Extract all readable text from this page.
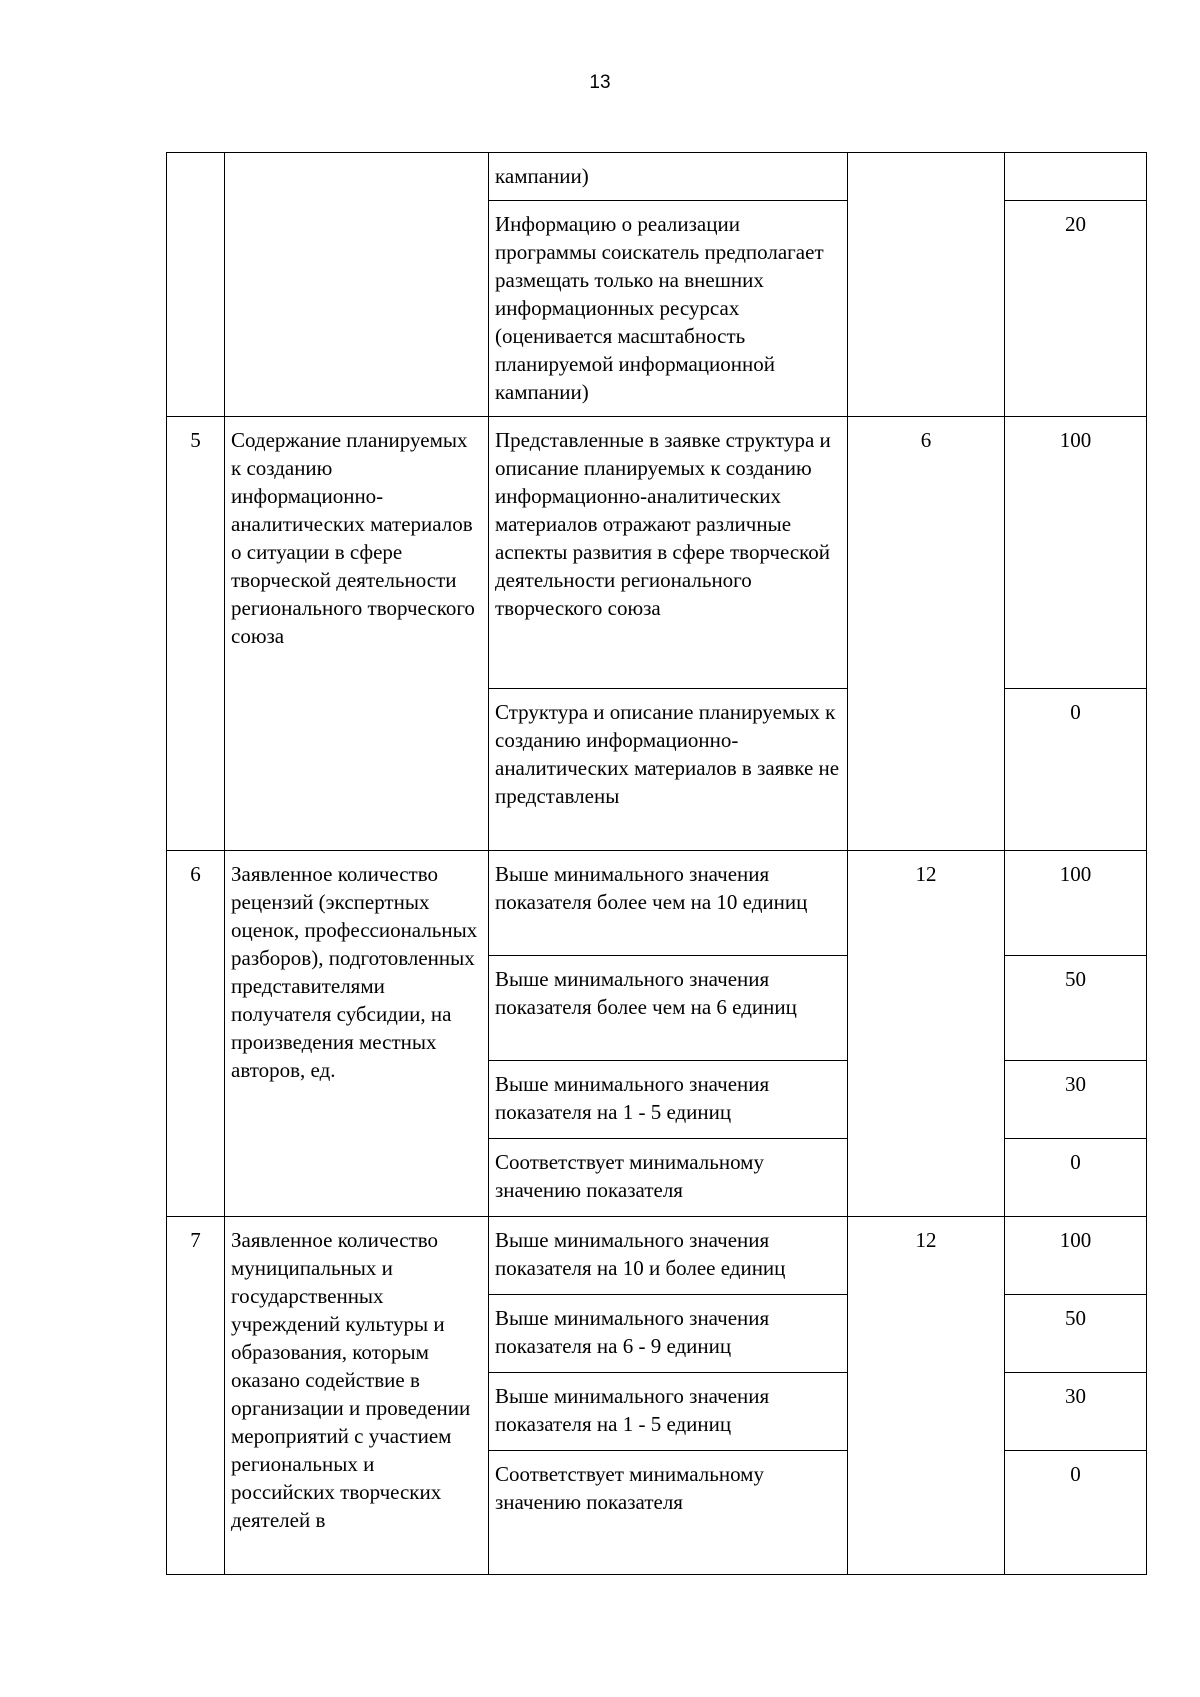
13
		кампании)		
		Информацию о реализации программы соискатель предполагает размещать только на внешних информационных ресурсах (оценивается масштабность планируемой информационной кампании)		20
5	Содержание планируемых к созданию информационно-аналитических материалов о ситуации в сфере творческой деятельности регионального творческого союза	Представленные в заявке структура и описание планируемых к созданию информационно-аналитических материалов отражают различные аспекты развития в сфере творческой деятельности регионального творческого союза	6	100
		Структура и описание планируемых к созданию информационно-аналитических материалов в заявке не представлены		0
6	Заявленное количество рецензий (экспертных оценок, профессиональных разборов), подготовленных представителями получателя субсидии, на произведения местных авторов, ед.	Выше минимального значения показателя более чем на 10 единиц	12	100
		Выше минимального значения показателя более чем на 6 единиц		50
		Выше минимального значения показателя на 1 - 5 единиц		30
		Соответствует минимальному значению показателя		0
7	Заявленное количество муниципальных и государственных учреждений культуры и образования, которым оказано содействие в организации и проведении мероприятий с участием региональных и российских творческих деятелей в	Выше минимального значения показателя на 10 и более единиц	12	100
		Выше минимального значения показателя на 6 - 9 единиц		50
		Выше минимального значения показателя на 1 - 5 единиц		30
		Соответствует минимальному значению показателя		0
